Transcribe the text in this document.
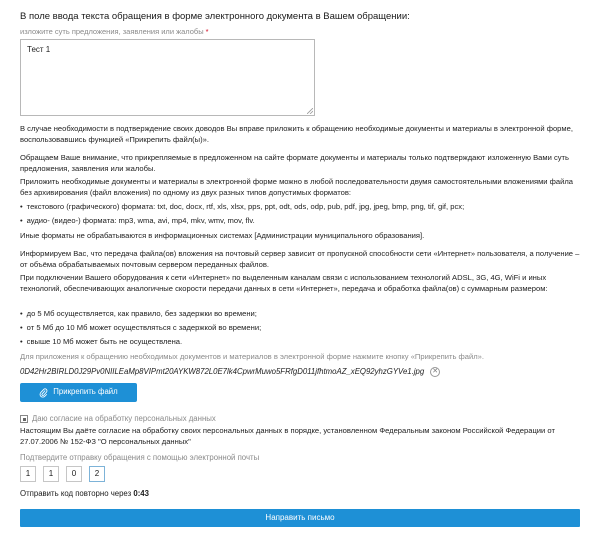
В поле ввода текста обращения в форме электронного документа в Вашем обращении:
изложите суть предложения, заявления или жалобы *
Тест 1
В случае необходимости в подтверждение своих доводов Вы вправе приложить к обращению необходимые документы и материалы в электронной форме, воспользовавшись функцией «Прикрепить файл(ы)».
Обращаем Ваше внимание, что прикрепляемые в предложенном на сайте формате документы и материалы только подтверждают изложенную Вами суть предложения, заявления или жалобы.
Приложить необходимые документы и материалы в электронной форме можно в любой последовательности двумя самостоятельными вложениями файла без архивирования (файл вложения) по одному из двух разных типов допустимых форматов:
• текстового (графического) формата: txt, doc, docx, rtf, xls, xlsx, pps, ppt, odt, ods, odp, pub, pdf, jpg, jpeg, bmp, png, tif, gif, pcx;
• аудио- (видео-) формата: mp3, wma, avi, mp4, mkv, wmv, mov, flv.
Иные форматы не обрабатываются в информационных системах [Администрации муниципального образования].
Информируем Вас, что передача файла(ов) вложения на почтовый сервер зависит от пропускной способности сети «Интернет» пользователя, а получение – от объёма обрабатываемых почтовым сервером переданных файлов.
При подключении Вашего оборудования к сети «Интернет» по выделенным каналам связи с использованием технологий ADSL, 3G, 4G, WiFi и иных технологий, обеспечивающих аналогичные скорости передачи данных в сети «Интернет», передача и обработка файла(ов) с суммарным размером:
• до 5 Мб осуществляется, как правило, без задержки во времени;
• от 5 Мб до 10 Мб может осуществляться с задержкой во времени;
• свыше 10 Мб может быть не осуществлена.
Для приложения к обращению необходимых документов и материалов в электронной форме нажмите кнопку «Прикрепить файл».
0D42Hr2BIRLD0J29Pv0NIILEaMp8VIPmt20AYKW872L0E7lk4CpwrMuwo5FRfgD011jfhtmoAZ_xEQ92yhzGYVe1.jpg ✕
Прикрепить файл
Даю согласие на обработку персональных данных
Настоящим Вы даёте согласие на обработку своих персональных данных в порядке, установленном Федеральным законом Российской Федерации от 27.07.2006 № 152-ФЗ "О персональных данных"
Подтвердите отправку обращения с помощью электронной почты
1	1	0	2
Отправить код повторно через 0:43
Направить письмо
